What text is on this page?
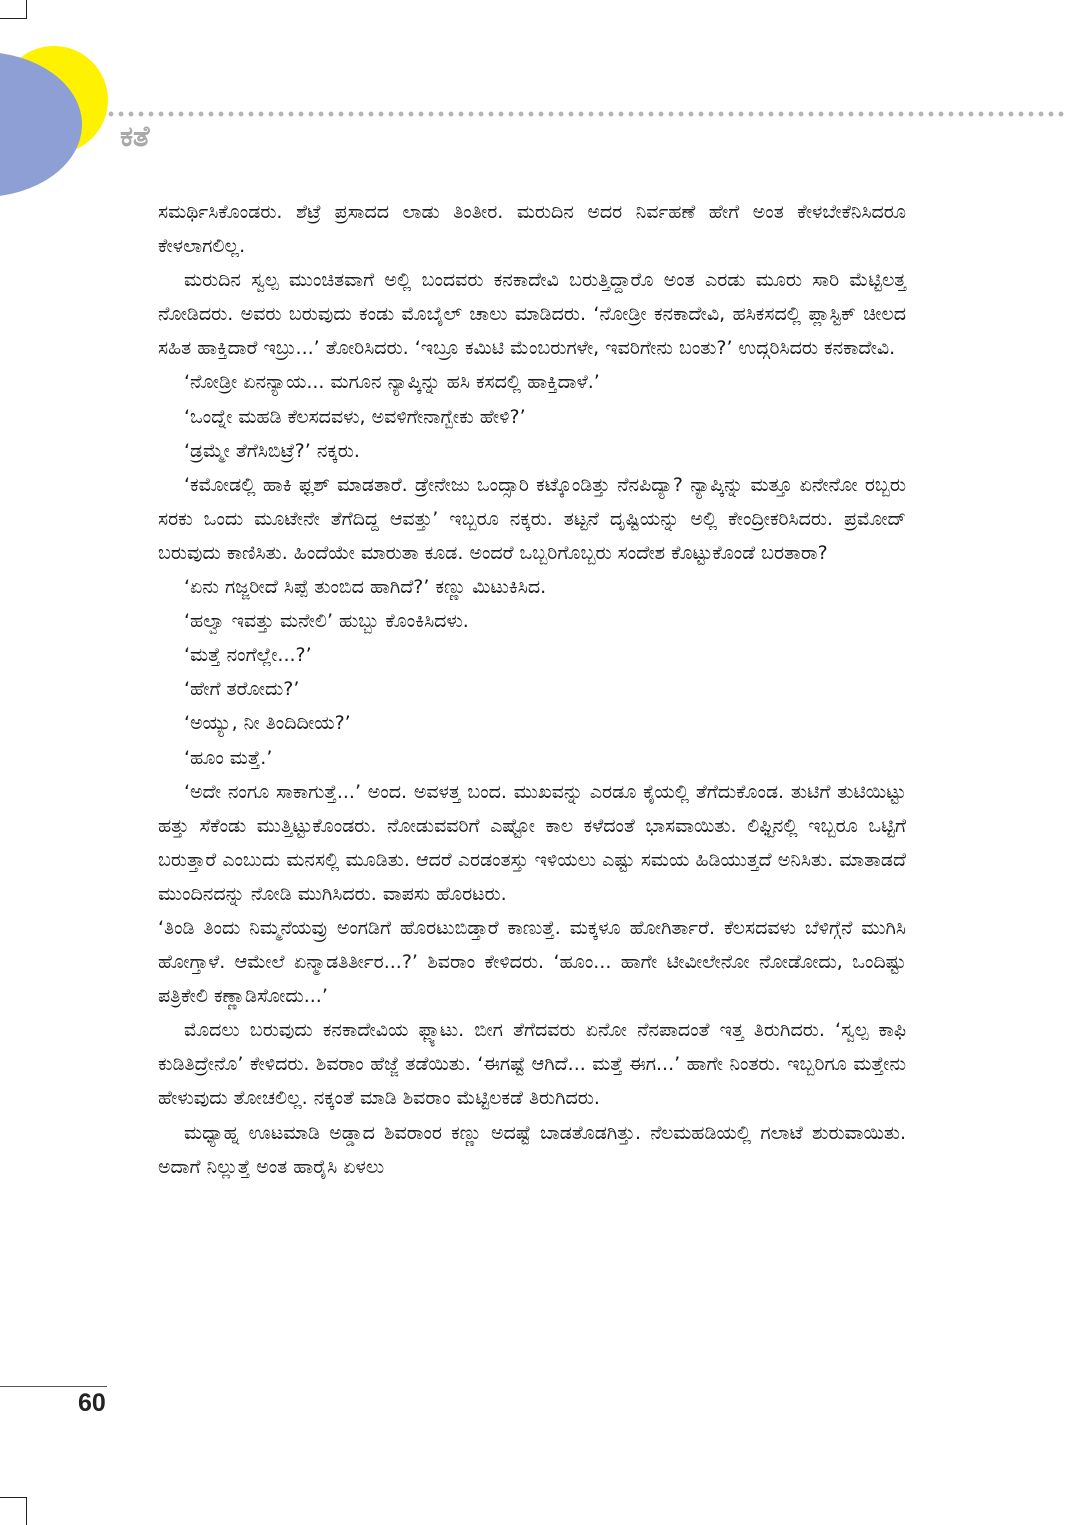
ಕತೆ

ಸಮರ್ಥಿಸಿಕೊಂಡರು. ಶೆಟ್ರೆ ಪ್ರಸಾದದ ಲಾಡು ತಿಂತೀರ. ಮರುದಿನ ಅದರ ನಿರ್ವಹಣೆ ಹೇಗೆ ಅಂತ ಕೇಳಬೇಕೆನಿಸಿದರೂ ಕೇಳಲಾಗಲಿಲ್ಲ.

ಮರುದಿನ ಸ್ವಲ್ಪ ಮುಂಚಿತವಾಗೆ ಅಲ್ಲಿ ಬಂದವರು ಕನಕಾದೇವಿ ಬರುತ್ತಿದ್ದಾರೊ ಅಂತ ಎರಡು ಮೂರು ಸಾರಿ ಮೆಟ್ಟಿಲತ್ತ ನೋಡಿದರು. ಅವರು ಬರುವುದು ಕಂಡು ಮೊಬೈಲ್ ಚಾಲು ಮಾಡಿದರು. ‘ನೋಡ್ರೀ ಕನಕಾದೇವಿ, ಹಸಿಕಸದಲ್ಲಿ ಪ್ಲಾಸ್ಟಿಕ್ ಚೀಲದ ಸಹಿತ ಹಾಕ್ತಿದಾರೆ ಇಬ್ರು...’ ತೋರಿಸಿದರು. ‘ಇಬ್ರೂ ಕಮಿಟಿ ಮೆಂಬರುಗಳೇ, ಇವರಿಗೇನು ಬಂತು?’ ಉದ್ಗರಿಸಿದರು ಕನಕಾದೇವಿ.

‘ನೋಡ್ರೀ ಏನನ್ಯಾಯ... ಮಗೂನ ನ್ಯಾಪ್ಕಿನ್ನು ಹಸಿ ಕಸದಲ್ಲಿ ಹಾಕ್ತಿದಾಳೆ.’

‘ಒಂದ್ನೇ ಮಹಡಿ ಕೆಲಸದವಳು, ಅವಳಿಗೇನಾಗ್ಬೇಕು ಹೇಳಿ?’

‘ಡ್ರಮ್ಮೇ ತೆಗೆಸಿಬಿಟ್ರೆ?’ ನಕ್ಕರು.

‘ಕಮೋಡಲ್ಲಿ ಹಾಕಿ ಫ್ಲಶ್ ಮಾಡತಾರೆ. ಡ್ರೇನೇಜು ಒಂದ್ಸಾರಿ ಕಟ್ಕೊಂಡಿತ್ತು ನೆನಪಿದ್ಯಾ? ನ್ಯಾಪ್ಕಿನ್ನು ಮತ್ತೂ ಏನೇನೋ ರಬ್ಬರು ಸರಕು ಒಂದು ಮೂಟೇನೇ ತೆಗೆದಿದ್ದ ಆವತ್ತು’ ಇಬ್ಬರೂ ನಕ್ಕರು. ತಟ್ಟನೆ ದೃಷ್ಟಿಯನ್ನು ಅಲ್ಲಿ ಕೇಂದ್ರೀಕರಿಸಿದರು. ಪ್ರಮೋದ್ ಬರುವುದು ಕಾಣಿಸಿತು. ಹಿಂದೆಯೇ ಮಾರುತಾ ಕೂಡ. ಅಂದರೆ ಒಬ್ಬರಿಗೊಬ್ಬರು ಸಂದೇಶ ಕೊಟ್ಟುಕೊಂಡೆ ಬರತಾರಾ?

‘ಏನು ಗಜ್ಜರೀದೆ ಸಿಪ್ಪೆ ತುಂಬಿದ ಹಾಗಿದೆ?’ ಕಣ್ಣು ಮಿಟುಕಿಸಿದ.

‘ಹಲ್ವಾ ಇವತ್ತು ಮನೇಲಿ’ ಹುಬ್ಬು ಕೊಂಕಿಸಿದಳು.

‘ಮತ್ತೆ ನಂಗೆಲ್ಲೇ...?’

‘ಹೇಗೆ ತರೋದು?’

‘ಅಯ್ಯು, ನೀ ತಿಂದಿದೀಯ?’

‘ಹೂಂ ಮತ್ತೆ.’

‘ಅದೇ ನಂಗೂ ಸಾಕಾಗುತ್ತೆ...’ ಅಂದ. ಅವಳತ್ತ ಬಂದ. ಮುಖವನ್ನು ಎರಡೂ ಕೈಯಲ್ಲಿ ತೆಗೆದುಕೊಂಡ. ತುಟಿಗೆ ತುಟಿಯಿಟ್ಟು ಹತ್ತು ಸೆಕೆಂಡು ಮುತ್ತಿಟ್ಟುಕೊಂಡರು. ನೋಡುವವರಿಗೆ ಎಷ್ಟೋ ಕಾಲ ಕಳೆದಂತೆ ಭಾಸವಾಯಿತು. ಲಿಫ್ಟಿನಲ್ಲಿ ಇಬ್ಬರೂ ಒಟ್ಟಿಗೆ ಬರುತ್ತಾರೆ ಎಂಬುದು ಮನಸಲ್ಲಿ ಮೂಡಿತು. ಆದರೆ ಎರಡಂತಸ್ತು ಇಳಿಯಲು ಎಷ್ಟು ಸಮಯ ಹಿಡಿಯುತ್ತದೆ ಅನಿಸಿತು. ಮಾತಾಡದೆ ಮುಂದಿನದನ್ನು ನೋಡಿ ಮುಗಿಸಿದರು. ವಾಪಸು ಹೊರಟರು.

‘ತಿಂಡಿ ತಿಂದು ನಿಮ್ಮನೆಯವ್ರು ಅಂಗಡಿಗೆ ಹೊರಟುಬಿಡ್ತಾರೆ ಕಾಣುತ್ತೆ. ಮಕ್ಕಳೂ ಹೋಗಿರ್ತಾರೆ. ಕೆಲಸದವಳು ಬೆಳಿಗ್ಗೆನೆ ಮುಗಿಸಿ ಹೋಗ್ತಾಳೆ. ಆಮೇಲೆ ಏನ್ಮಾಡತಿರ್ತೀರ...?’ ಶಿವರಾಂ ಕೇಳಿದರು. ‘ಹೂಂ... ಹಾಗೇ ಟೀವೀಲೇನೋ ನೋಡೋದು, ಒಂದಿಷ್ಟು ಪತ್ರಿಕೇಲಿ ಕಣ್ಣಾಡಿಸೋದು...’

ಮೊದಲು ಬರುವುದು ಕನಕಾದೇವಿಯ ಫ್ಲ್ಯಾಟು. ಬೀಗ ತೆಗೆದವರು ಏನೋ ನೆನಪಾದಂತೆ ಇತ್ತ ತಿರುಗಿದರು. ‘ಸ್ವಲ್ಪ ಕಾಫಿ ಕುಡಿತಿದ್ರೇನೊ’ ಕೇಳಿದರು. ಶಿವರಾಂ ಹೆಜ್ಜೆ ತಡೆಯಿತು. ‘ಈಗಷ್ಟೆ ಆಗಿದೆ... ಮತ್ತೆ ಈಗ...’ ಹಾಗೇ ನಿಂತರು. ಇಬ್ಬರಿಗೂ ಮತ್ತೇನು ಹೇಳುವುದು ತೋಚಲಿಲ್ಲ. ನಕ್ಕಂತೆ ಮಾಡಿ ಶಿವರಾಂ ಮೆಟ್ಟಿಲಕಡೆ ತಿರುಗಿದರು.

ಮಧ್ಯಾಹ್ನ ಊಟಮಾಡಿ ಅಡ್ಡಾದ ಶಿವರಾಂರ ಕಣ್ಣು ಅದಷ್ಟೆ ಬಾಡತೊಡಗಿತ್ತು. ನೆಲಮಹಡಿಯಲ್ಲಿ ಗಲಾಟೆ ಶುರುವಾಯಿತು. ಅದಾಗೆ ನಿಲ್ಲುತ್ತೆ ಅಂತ ಹಾರೈಸಿ ಏಳಲು

60
